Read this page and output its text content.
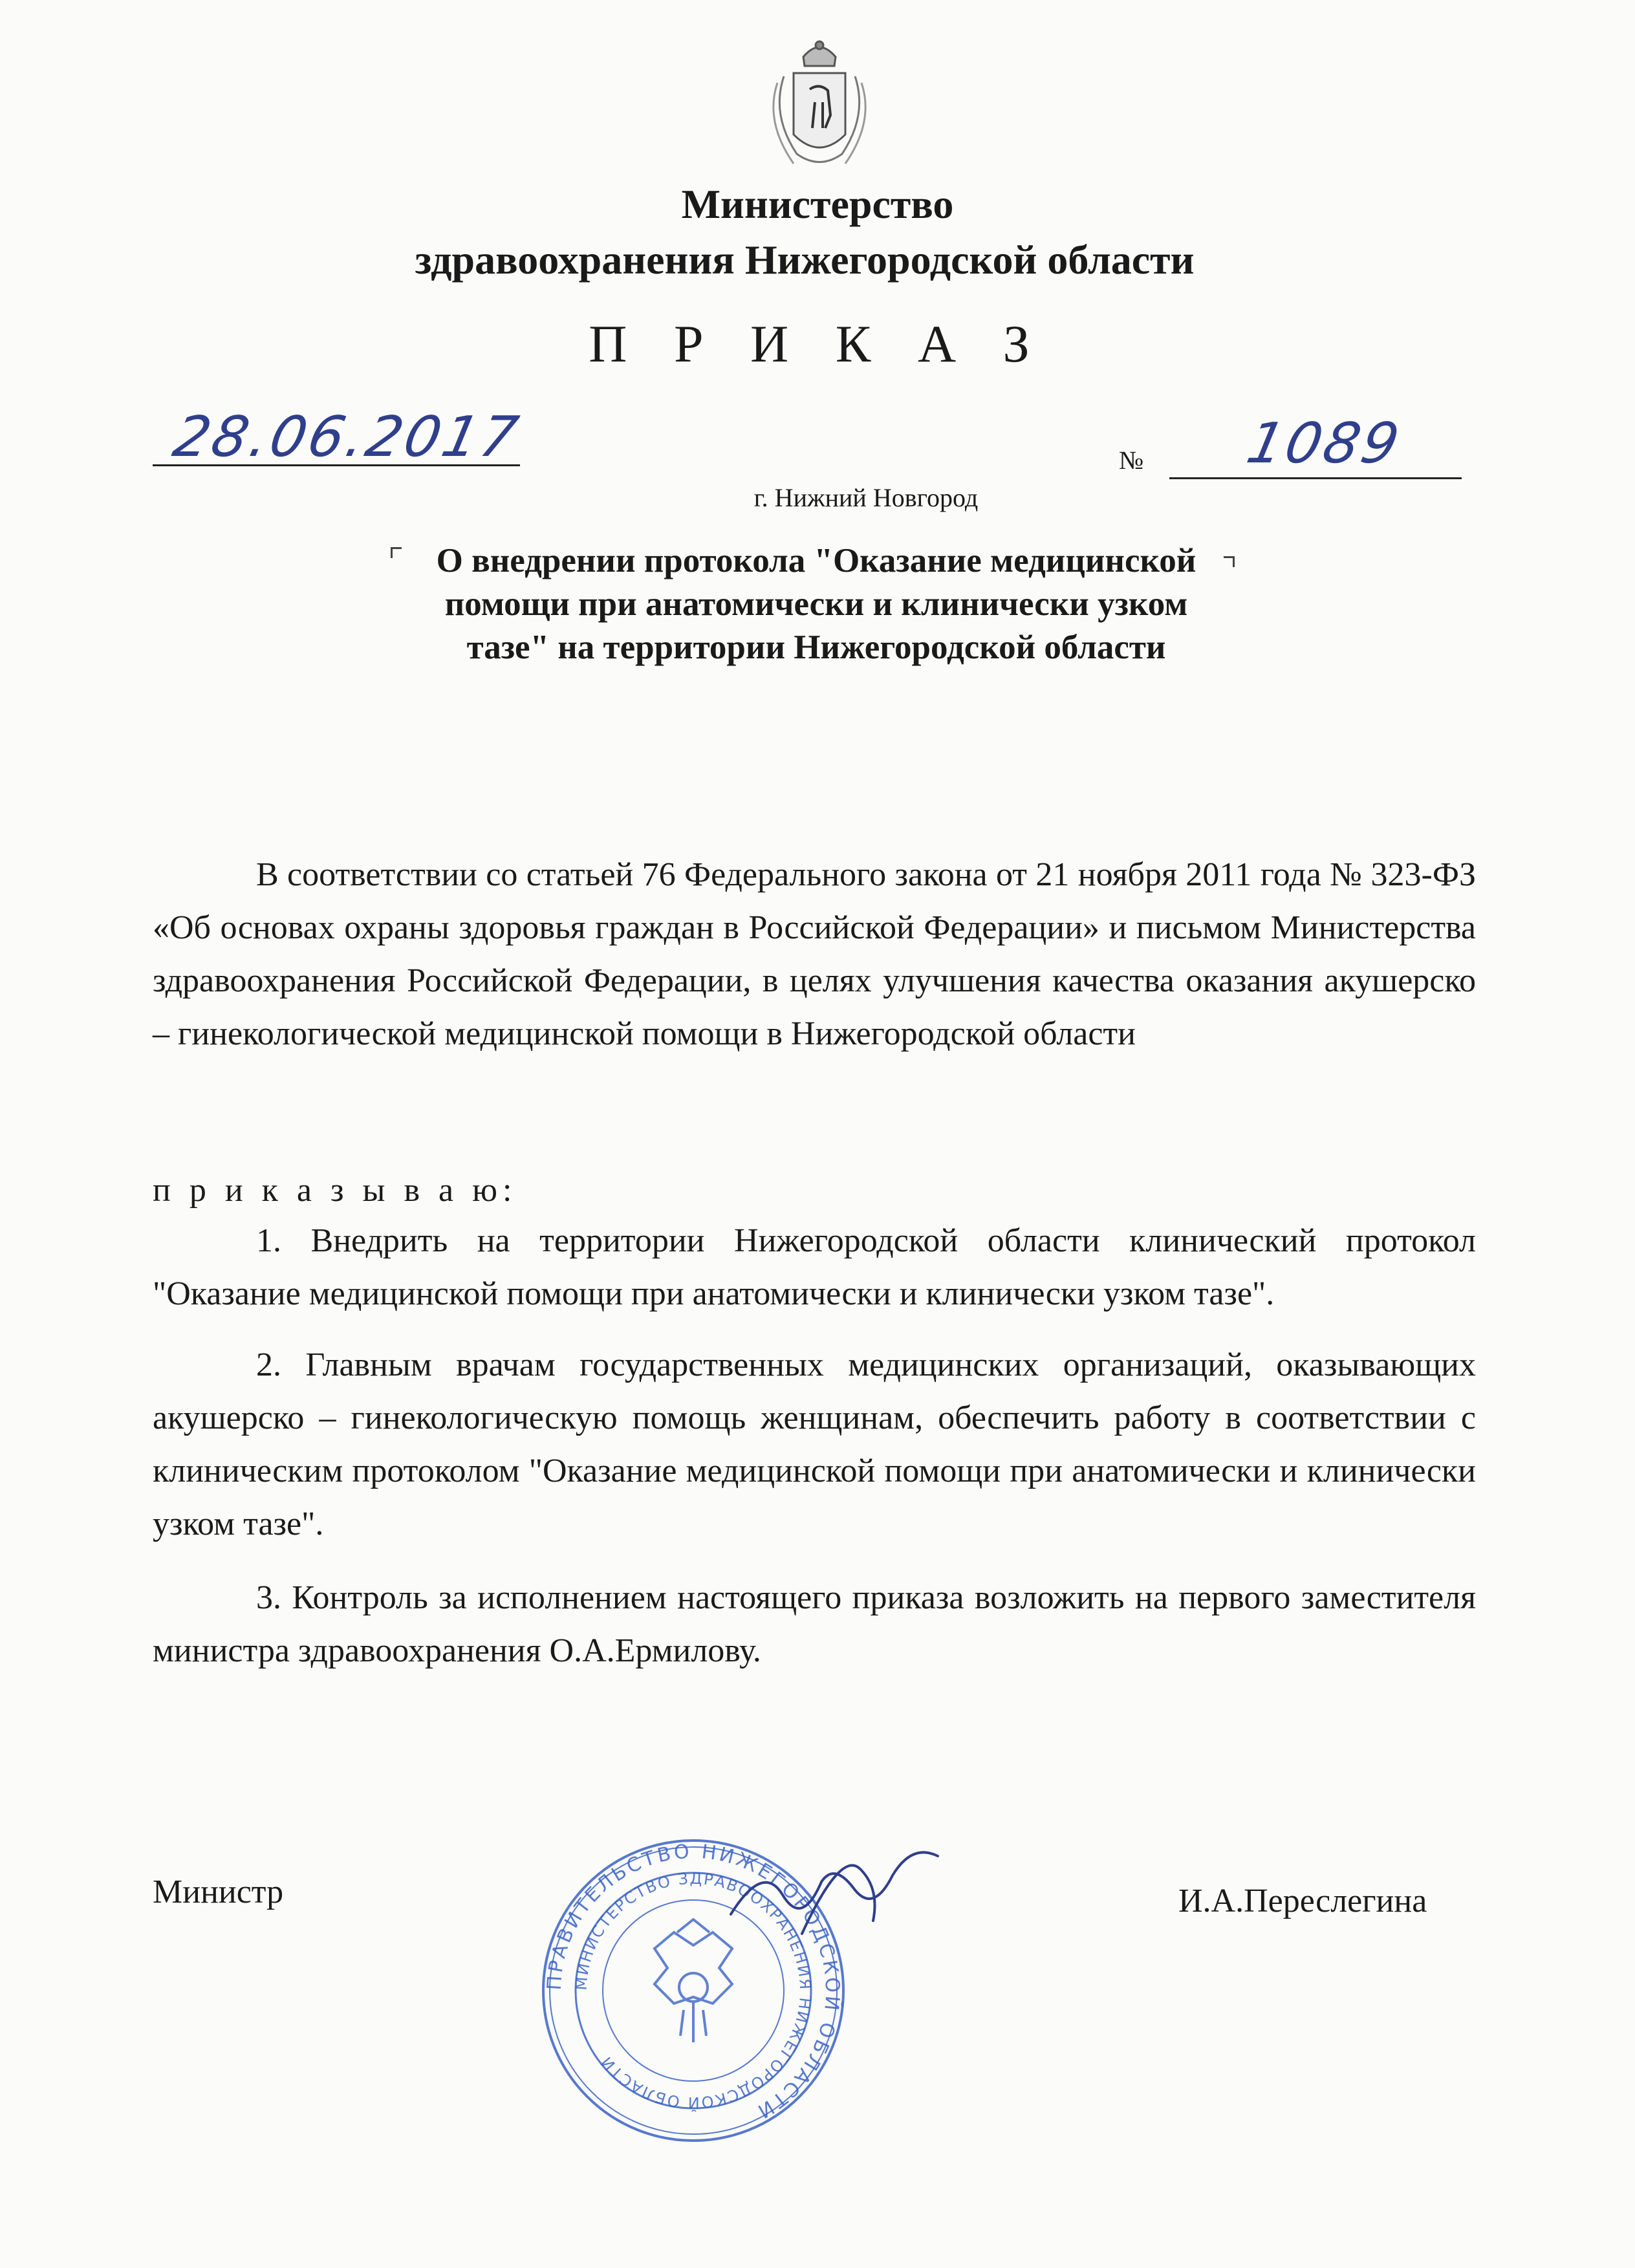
Министерство
здравоохранения Нижегородской области
П Р И К А З
28.06.2017	№ 1089
г. Нижний Новгород
О внедрении протокола "Оказание медицинской помощи при анатомически и клинически узком тазе" на территории Нижегородской области
В соответствии со статьей 76 Федерального закона от 21 ноября 2011 года № 323-ФЗ «Об основах охраны здоровья граждан в Российской Федерации» и письмом Министерства здравоохранения Российской Федерации, в целях улучшения качества оказания акушерско – гинекологической медицинской помощи в Нижегородской области
п р и к а з ы в а ю:
1. Внедрить на территории Нижегородской области клинический протокол "Оказание медицинской помощи при анатомически и клинически узком тазе".
2. Главным врачам государственных медицинских организаций, оказывающих акушерско – гинекологическую помощь женщинам, обеспечить работу в соответствии с клиническим протоколом "Оказание медицинской помощи при анатомически и клинически узком тазе".
3. Контроль за исполнением настоящего приказа возложить на первого заместителя министра здравоохранения О.А.Ермилову.
Министр
ПРАВИТЕЛЬСТВО НИЖЕГОРОДСКОЙ ОБЛАСТИ
МИНИСТЕРСТВО ЗДРАВООХРАНЕНИЯ НИЖЕГОРОДСКОЙ ОБЛАСТИ
И.А.Переслегина
